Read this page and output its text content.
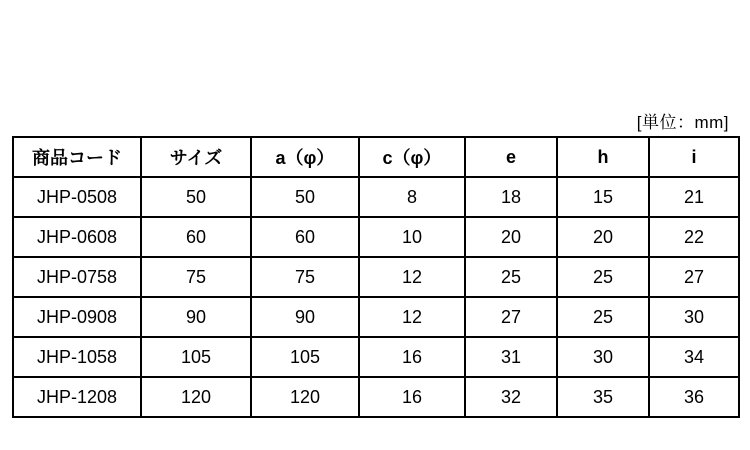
[単位：mm]
商品コード	サイズ	a（φ）	c（φ）	e	h	i
JHP-0508	50	50	8	18	15	21
JHP-0608	60	60	10	20	20	22
JHP-0758	75	75	12	25	25	27
JHP-0908	90	90	12	27	25	30
JHP-1058	105	105	16	31	30	34
JHP-1208	120	120	16	32	35	36
